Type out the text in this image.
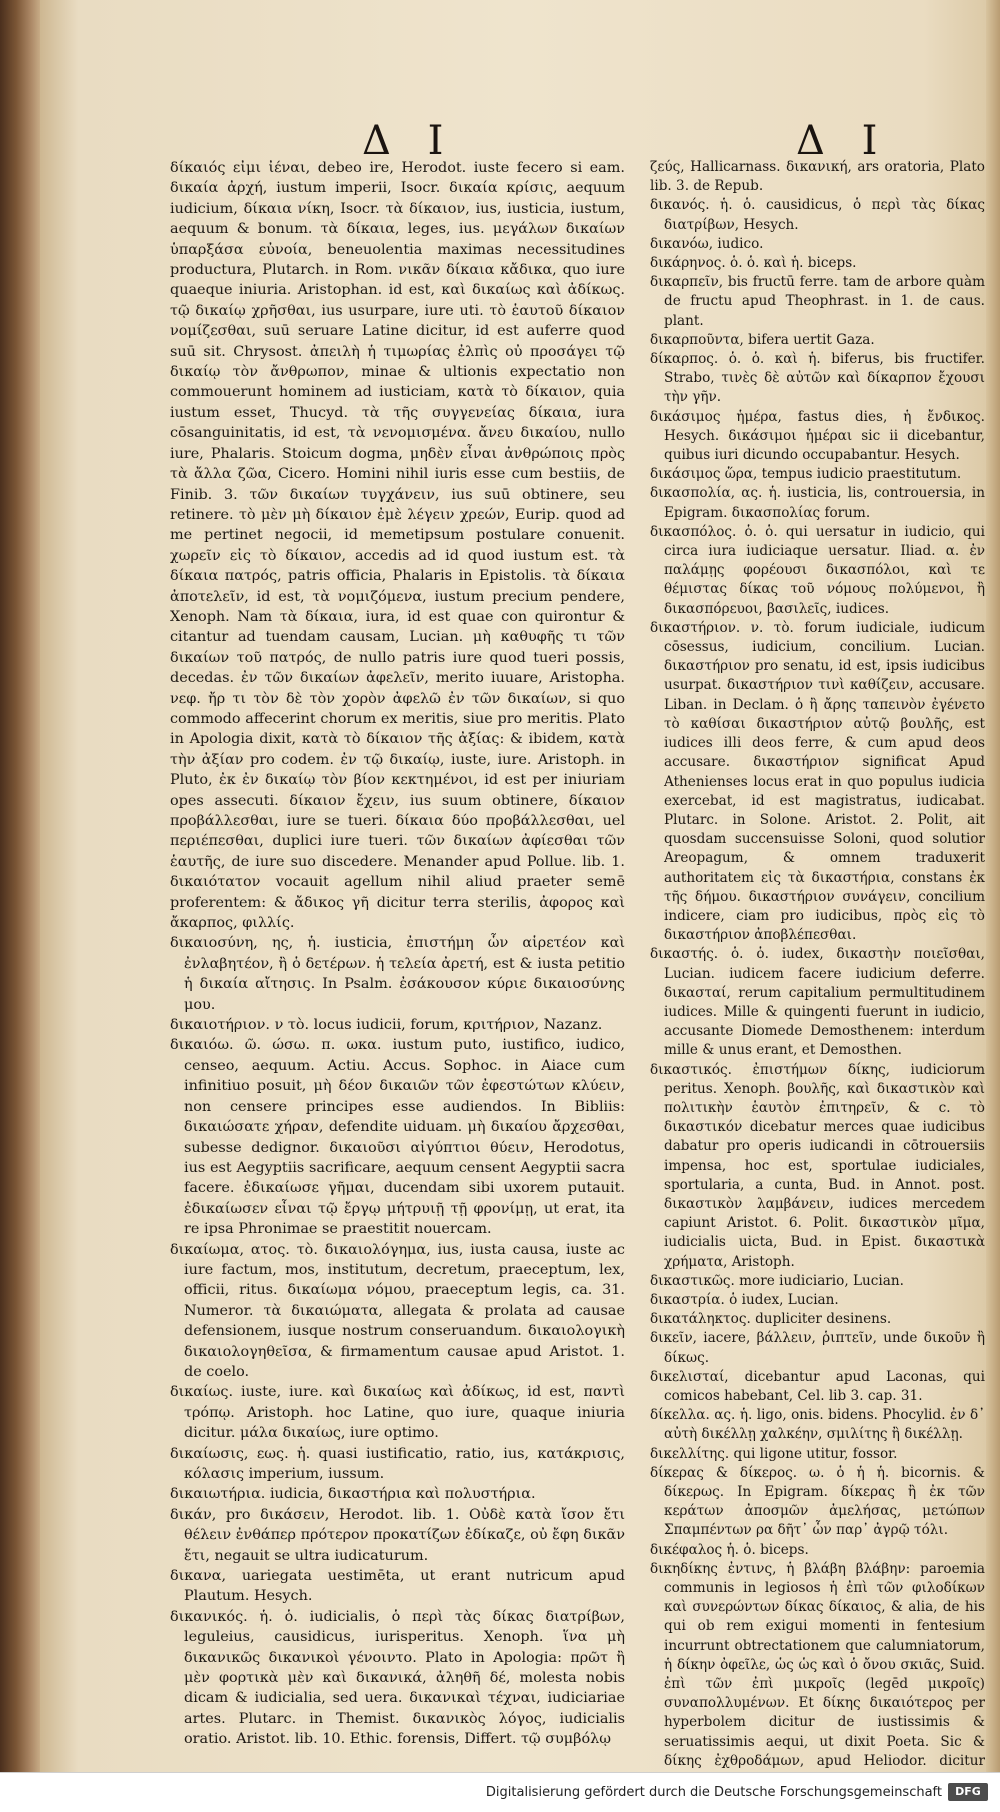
Δ I	Δ I

δίκαιός εἰμι ἰέναι, debeo ire, Herodot. iuste fecero si eam. δικαία ἀρχή, iustum imperii, Isocr. δικαία κρίσις, aequum iudicium, δίκαια νίκη, Isocr. τὰ δίκαιον, ius, iusticia, iustum, aequum & bonum. τὰ δίκαια, leges, ius. μεγάλων δικαίων ὑπαρξάσα εὐνοία, beneuolentia maximas necessitudines productura, Plutarch. in Rom. νικᾶν δίκαια κἄδικα, quo iure quaeque iniuria. Aristophan. id est, καὶ δικαίως καὶ ἀδίκως. τῷ δικαίῳ χρῆσθαι, ius usurpare, iure uti. τὸ ἑαυτοῦ δίκαιον νομίζεσθαι, suū seruare Latine dicitur, id est auferre quod suū sit. Chrysost. ἀπειλὴ ἡ τιμωρίας ἐλπὶς οὐ προσάγει τῷ δικαίῳ τὸν ἄνθρωπον, minae & ultionis expectatio non commouerunt hominem ad iusticiam, κατὰ τὸ δίκαιον, quia iustum esset, Thucyd. τὰ τῆς συγγενείας δίκαια, iura cōsanguinitatis, id est, τὰ νενομισμένα. ἄνευ δικαίου, nullo iure, Phalaris. Stoicum dogma, μηδὲν εἶναι ἀνθρώποις πρὸς τὰ ἄλλα ζῶα, Cicero. Homini nihil iuris esse cum bestiis, de Finib. 3. τῶν δικαίων τυγχάνειν, ius suū obtinere, seu retinere. τὸ μὲν μὴ δίκαιον ἐμὲ λέγειν χρεών, Eurip. quod ad me pertinet negocii, id memetipsum postulare conuenit. χωρεῖν εἰς τὸ δίκαιον, accedis ad id quod iustum est. τὰ δίκαια πατρός, patris officia, Phalaris in Epistolis. τὰ δίκαια ἀποτελεῖν, id est, τὰ νομιζόμενα, iustum precium pendere, Xenoph. Nam τὰ δίκαια, iura, id est quae con quirontur & citantur ad tuendam causam, Lucian. μὴ καθυφῆς τι τῶν δικαίων τοῦ πατρός, de nullo patris iure quod tueri possis, decedas. ἐν τῶν δικαίων ἀφελεῖν, merito iuuare, Aristopha. νεφ. ἤρ τι τὸν δὲ τὸν χορὸν ἀφελῶ ἐν τῶν δικαίων, si quo commodo affecerint chorum ex meritis, siue pro meritis. Plato in Apologia dixit, κατὰ τὸ δίκαιον τῆς ἀξίας: & ibidem, κατὰ τὴν ἀξίαν pro codem. ἐν τῷ δικαίῳ, iuste, iure. Aristoph. in Pluto, ἐκ ἐν δικαίῳ τὸν βίον κεκτημένοι, id est per iniuriam opes assecuti. δίκαιον ἔχειν, ius suum obtinere, δίκαιον προβάλλεσθαι, iure se tueri. δίκαια δύο προβάλλεσθαι, uel περιέπεσθαι, duplici iure tueri. τῶν δικαίων ἀφίεσθαι τῶν ἑαυτῆς, de iure suo discedere. Menander apud Pollue. lib. 1. δικαιότατον vocauit agellum nihil aliud praeter semē proferentem: & ἄδικος γῆ dicitur terra sterilis, ἀφορος καὶ ἄκαρπος, φιλλίς.

δικαιοσύνη, ης, ἡ. iusticia, ἐπιστήμη ὧν αἱρετέον καὶ ἐνλαβητέον, ἢ ὁ δετέρων. ἡ τελεία ἀρετή, est & iusta petitio ἡ δικαία αἴτησις. In Psalm. ἐσάκουσον κύριε δικαιοσύνης μου.

δικαιοτήριον. ν τὸ. locus iudicii, forum, κριτήριον, Nazanz.

δικαιόω. ῶ. ώσω. π. ωκα. iustum puto, iustifico, iudico, censeo, aequum. Actiu. Accus. Sophoc. in Aiace cum infinitiuo posuit, μὴ δέον δικαιῶν τῶν ἐφεστώτων κλύειν, non censere principes esse audiendos. In Bibliis: δικαιώσατε χήραν, defendite uiduam. μὴ δικαίου ἄρχεσθαι, subesse dedignor. δικαιοῦσι αἰγύπτιοι θύειν, Herodotus, ius est Aegyptiis sacrificare, aequum censent Aegyptii sacra facere. ἐδικαίωσε γῆμαι, ducendam sibi uxorem putauit. ἐδικαίωσεν εἶναι τῷ ἔργῳ μήτρυιῇ τῇ φρονίμῃ, ut erat, ita re ipsa Phronimae se praestitit nouercam.

δικαίωμα, ατος. τὸ. δικαιολόγημα, ius, iusta causa, iuste ac iure factum, mos, institutum, decretum, praeceptum, lex, officii, ritus. δικαίωμα νόμου, praeceptum legis, ca. 31. Numeror. τὰ δικαιώματα, allegata & prolata ad causae defensionem, iusque nostrum conseruandum. δικαιολογικὴ δικαιολογηθεῖσα, & firmamentum causae apud Aristot. 1. de coelo.

δικαίως. iuste, iure. καὶ δικαίως καὶ ἀδίκως, id est, παντὶ τρόπῳ. Aristoph. hoc Latine, quo iure, quaque iniuria dicitur. μάλα δικαίως, iure optimo.

δικαίωσις, εως. ἡ. quasi iustificatio, ratio, ius, κατάκρισις, κόλασις imperium, iussum.

δικαιωτήρια. iudicia, δικαστήρια καὶ πολυστήρια.

δικάν, pro δικάσειν, Herodot. lib. 1. Οὐδὲ κατὰ ἴσον ἔτι θέλειν ἐνθάπερ πρότερον προκατίζων ἐδίκαζε, οὐ ἔφη δικᾶν ἔτι, negauit se ultra iudicaturum.

δικανα, uariegata uestimēta, ut erant nutricum apud Plautum. Hesych.

δικανικός. ἡ. ὁ. iudicialis, ὁ περὶ τὰς δίκας διατρίβων, leguleius, causidicus, iurisperitus. Xenoph. ἵνα μὴ δικανικῶς δικανικοὶ γένοιντο. Plato in Apologia: πρῶτ ἢ μὲν φορτικὰ μὲν καὶ δικανικά, ἀληθῆ δέ, molesta nobis dicam & iudicialia, sed uera. δικανικαὶ τέχναι, iudiciariae artes. Plutarc. in Themist. δικανικὸς λόγος, iudicialis oratio. Aristot. lib. 10. Ethic. forensis, Differt. τῷ συμβόλῳ

ζεύς, Hallicarnass. δικανική, ars oratoria, Plato lib. 3. de Repub.

δικανός. ἡ. ὁ. causidicus, ὁ περὶ τὰς δίκας διατρίβων, Hesych.

δικανόω, iudico.

δικάρηνος. ὁ. ὁ. καὶ ἡ. biceps.

δικαρπεῖν, bis fructū ferre. tam de arbore quàm de fructu apud Theophrast. in 1. de caus. plant.

δικαρποῦντα, bifera uertit Gaza.

δίκαρπος. ὁ. ὁ. καὶ ἡ. biferus, bis fructifer. Strabo, τινὲς δὲ αὐτῶν καὶ δίκαρπον ἔχουσι τὴν γῆν.

δικάσιμος ἡμέρα, fastus dies, ἡ ἔνδικος. Hesych. δικάσιμοι ἡμέραι sic ii dicebantur, quibus iuri dicundo occupabantur. Hesych.

δικάσιμος ὥρα, tempus iudicio praestitutum.

δικασπολία, ας. ἡ. iusticia, lis, controuersia, in Epigram. δικασπολίας forum.

δικασπόλος. ὁ. ὁ. qui uersatur in iudicio, qui circa iura iudiciaque uersatur. Iliad. α. ἐν παλάμῃς φορέουσι δικασπόλοι, καὶ τε θέμιστας δίκας τοῦ νόμους πολύμενοι, ἢ δικασπόρευοι, βασιλεῖς, iudices.

δικαστήριον. ν. τὸ. forum iudiciale, iudicum cōsessus, iudicium, concilium. Lucian. δικαστήριον pro senatu, id est, ipsis iudicibus usurpat. δικαστήριον τινὶ καθίζειν, accusare. Liban. in Declam. ὁ ἢ ἄρης ταπεινὸν ἐγένετο τὸ καθίσαι δικαστήριον αὐτῷ βουλῆς, est iudices illi deos ferre, & cum apud deos accusare. δικαστήριον significat Apud Athenienses locus erat in quo populus iudicia exercebat, id est magistratus, iudicabat. Plutarc. in Solone. Aristot. 2. Polit, ait quosdam succensuisse Soloni, quod solutior Areopagum, & omnem traduxerit authoritatem εἰς τὰ δικαστήρια, constans ἐκ τῆς δήμου. δικαστήριον συνάγειν, concilium indicere, ciam pro iudicibus, πρὸς εἰς τὸ δικαστήριον ἀποβλέπεσθαι.

δικαστής. ὁ. ὁ. iudex, δικαστὴν ποιεῖσθαι, Lucian. iudicem facere iudicium deferre. δικασταί, rerum capitalium permultitudinem iudices. Mille & quingenti fuerunt in iudicio, accusante Diomede Demosthenem: interdum mille & unus erant, et Demosthen.

δικαστικός. ἐπιστήμων δίκης, iudiciorum peritus. Xenoph. βουλῆς, καὶ δικαστικὸν καὶ πολιτικὴν ἑαυτὸν ἐπιτηρεῖν, & c. τὸ δικαστικόν dicebatur merces quae iudicibus dabatur pro operis iudicandi in cōtrouersiis impensa, hoc est, sportulae iudiciales, sportularia, a cunta, Bud. in Annot. post. δικαστικὸν λαμβάνειν, iudices mercedem capiunt Aristot. 6. Polit. δικαστικὸν μῖμα, iudicialis uicta, Bud. in Epist. δικαστικὰ χρήματα, Aristoph.

δικαστικῶς. more iudiciario, Lucian.

δικαστρία. ὁ iudex, Lucian.

δικατάληκτος. dupliciter desinens.

δικεῖν, iacere, βάλλειν, ῥιπτεῖν, unde δικοῦν ἢ δίκως.

δικελισταί, dicebantur apud Laconas, qui comicos habebant, Cel. lib 3. cap. 31.

δίκελλα. ας. ἡ. ligo, onis. bidens. Phocylid. ἐν δ᾽ αὐτὴ δικέλλῃ χαλκέην, σμιλίτης ἢ δικέλλῃ.

δικελλίτης. qui ligone utitur, fossor.

δίκερας & δίκερος. ω. ὁ ἡ ἡ. bicornis. & δίκερως. In Epigram. δίκερας ἢ ἐκ τῶν κεράτων ἀποσμῶν ἀμελήσας, μετώπων Σπαμπέντων ρα δῆτ᾽ ὧν παρ᾽ ἀγρῷ τόλι.

δικέφαλος ἡ. ὁ. biceps.

δικηδίκης ἐντινς, ἡ βλάβη βλάβην: paroemia communis in legiosos ἡ ἐπὶ τῶν φιλοδίκων καὶ συνερώντων δίκας δίκαιος, & alia, de his qui ob rem exigui momenti in fentesium incurrunt obtrectationem que calumniatorum, ἡ δίκην ὀφεῖλε, ὡς ὡς καὶ ὁ ὄνου σκιᾶς, Suid. ἐπὶ τῶν ἐπὶ μικροῖς (legēd μικροῖς) συναπολλυμένων. Et δίκης δικαιότερος per hyperbolem dicitur de iustissimis & seruatissimis aequi, ut dixit Poeta. Sic & δίκης ἐχθροδάμων, apud Heliodor. dicitur

Digitalisierung gefördert durch die Deutsche Forschungsgemeinschaft	DFG
